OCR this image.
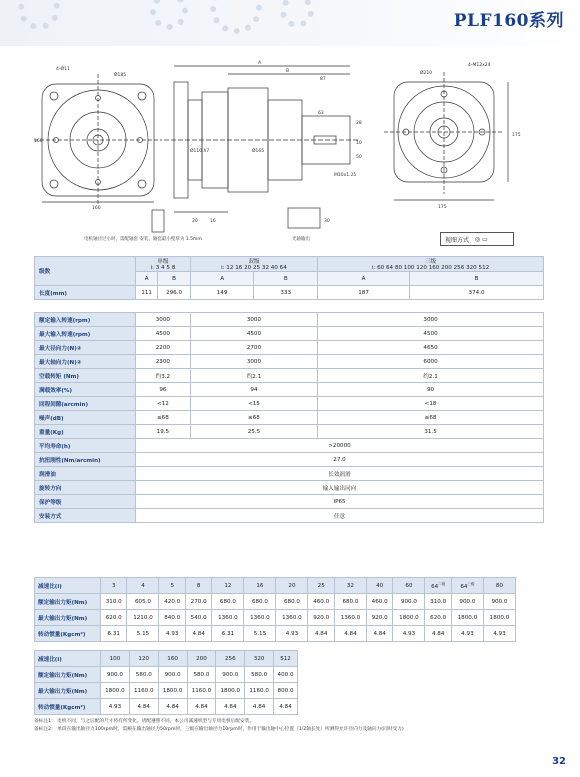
PLF160系列
4-Ø11
Ø185
160
160
A
B
87
63
Ø110 h7	Ø165
M10x1.25
28
10
50
20	16	30
Ø210
4-M12x24
175
175
电机轴径过小时，需配轴套 安装。轴套最小壁厚为 1.5mm	光轴输出	视图方式 ◎ ▭
级数	单级
i: 3 4 5 8		双级
i: 12 16 20 25 32 40 64		三级
i: 60 64 80 100 120 160 200 256 320 512	
	A	B	A	B	A	B
长度(mm)	111	296.0	149	333	187	374.0

额定输入转速(rpm)	3000		3000		3000	
最大输入转速(rpm)	4500		4500		4500	
最大径向力(N)②	2200		2700		4650	
最大轴向力(N)②	2300		3000		6000	
空载转矩 (Nm)	约3.2		约2.1		约2.1	
满载效率(%)	96		94		90	
回程间隙(arcmin)	<12		<15		<18	
噪声(dB)	≤68		≤68		≤68	
重量(Kg)	19.5		25.5		31.5	
平均寿命(h)	>20000					
抗扭刚性(Nm/arcmin)	27.0					
润滑油	长效润滑					
旋转方向	输入输出同向					
保护等级	IP65					
安装方式	任意					
减速比(i)	3	4	5	8	12	16	20	25	32	40	60	$64^{二级}$	$64^{三级}$	80
额定输出力矩(Nm)	310.0	605.0	420.0	270.0	680.0	680.0	680.0	460.0	680.0	460.0	900.0	310.0	900.0	900.0
最大输出力矩(Nm)	620.0	1210.0	840.0	540.0	1360.0	1360.0	1360.0	920.0	1360.0	920.0	1800.0	620.0	1800.0	1800.0
转动惯量(Kgcm²)	6.31	5.15	4.93	4.84	6.31	5.15	4.93	4.84	4.84	4.84	4.93	4.84	4.93	4.93
减速比(i)	100	120	160	200	256	320	512
额定输出力矩(Nm)	900.0	580.0	900.0	580.0	900.0	580.0	400.0
最大输出力矩(Nm)	1800.0	1160.0	1800.0	1160.0	1800.0	1160.0	800.0
转动惯量(Kgcm²)	4.93	4.84	4.84	4.84	4.84	4.84	4.84
备标注1： 电机不同，与之后配的尺寸将有所变化。请配遵照不同，本公司减速机型与专用电机后配安装。
备标注2： 单段在输出轴径力100rpm时，需额在输出轴径力50rpm时，三级在输出轴径力10rpm时，作用于输出轴中心位置（1/2轴长处）所测得允许径向力及轴向力(同时受力)
32
